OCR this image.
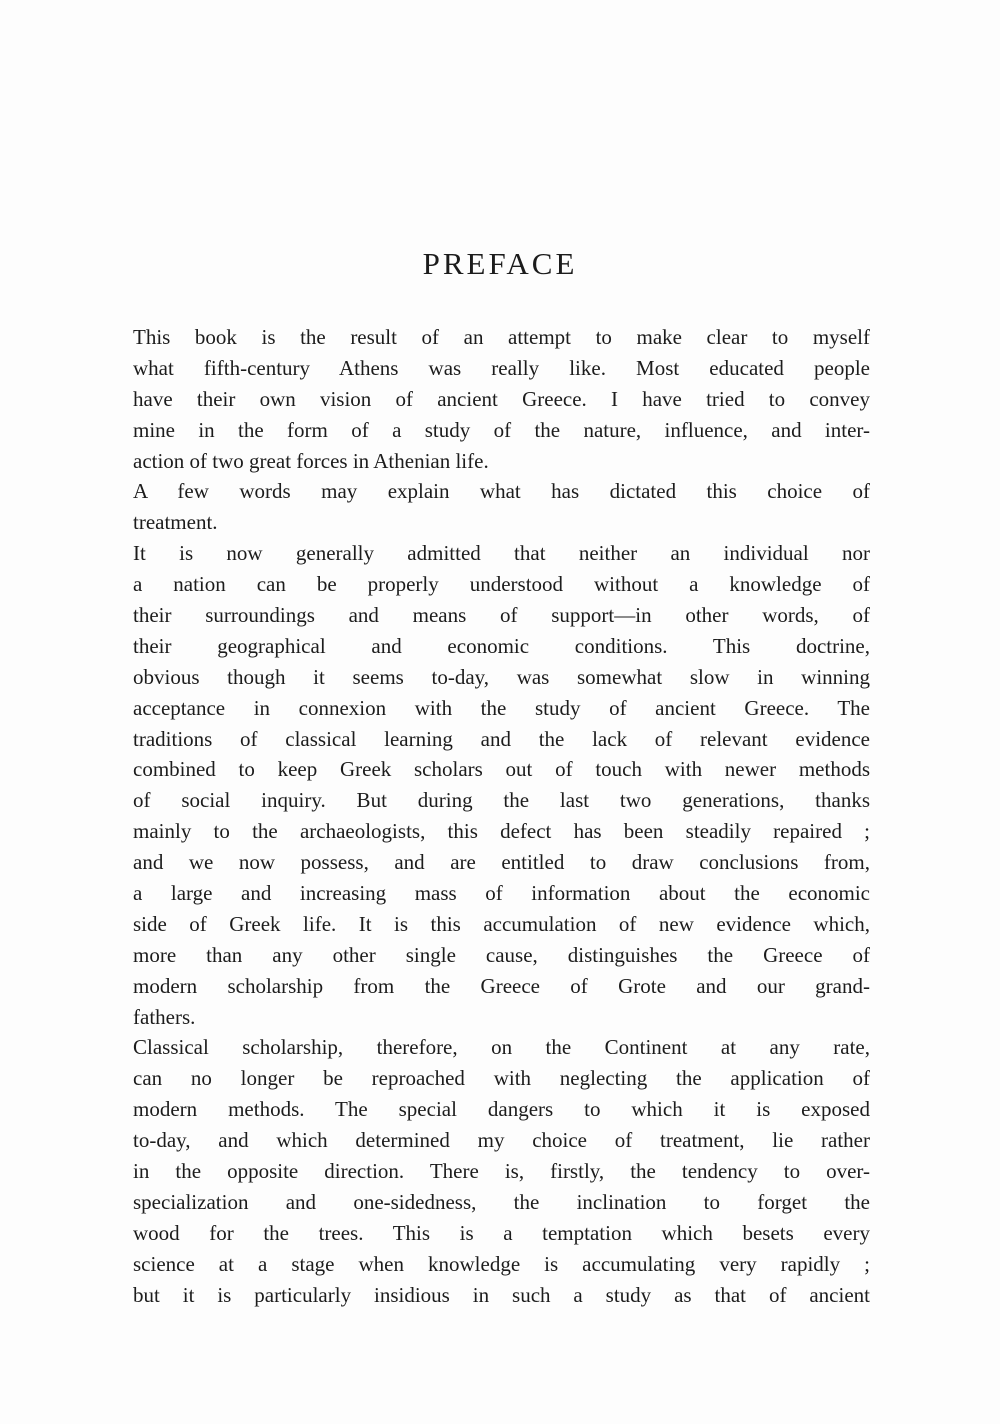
PREFACE
This book is the result of an attempt to make clear to myself
what fifth-century Athens was really like. Most educated people
have their own vision of ancient Greece. I have tried to convey
mine in the form of a study of the nature, influence, and inter-
action of two great forces in Athenian life.
A few words may explain what has dictated this choice of
treatment.
It is now generally admitted that neither an individual nor
a nation can be properly understood without a knowledge of
their surroundings and means of support—in other words, of
their geographical and economic conditions. This doctrine,
obvious though it seems to-day, was somewhat slow in winning
acceptance in connexion with the study of ancient Greece. The
traditions of classical learning and the lack of relevant evidence
combined to keep Greek scholars out of touch with newer methods
of social inquiry. But during the last two generations, thanks
mainly to the archaeologists, this defect has been steadily repaired ;
and we now possess, and are entitled to draw conclusions from,
a large and increasing mass of information about the economic
side of Greek life. It is this accumulation of new evidence which,
more than any other single cause, distinguishes the Greece of
modern scholarship from the Greece of Grote and our grand-
fathers.
Classical scholarship, therefore, on the Continent at any rate,
can no longer be reproached with neglecting the application of
modern methods. The special dangers to which it is exposed
to-day, and which determined my choice of treatment, lie rather
in the opposite direction. There is, firstly, the tendency to over-
specialization and one-sidedness, the inclination to forget the
wood for the trees. This is a temptation which besets every
science at a stage when knowledge is accumulating very rapidly ;
but it is particularly insidious in such a study as that of ancient
